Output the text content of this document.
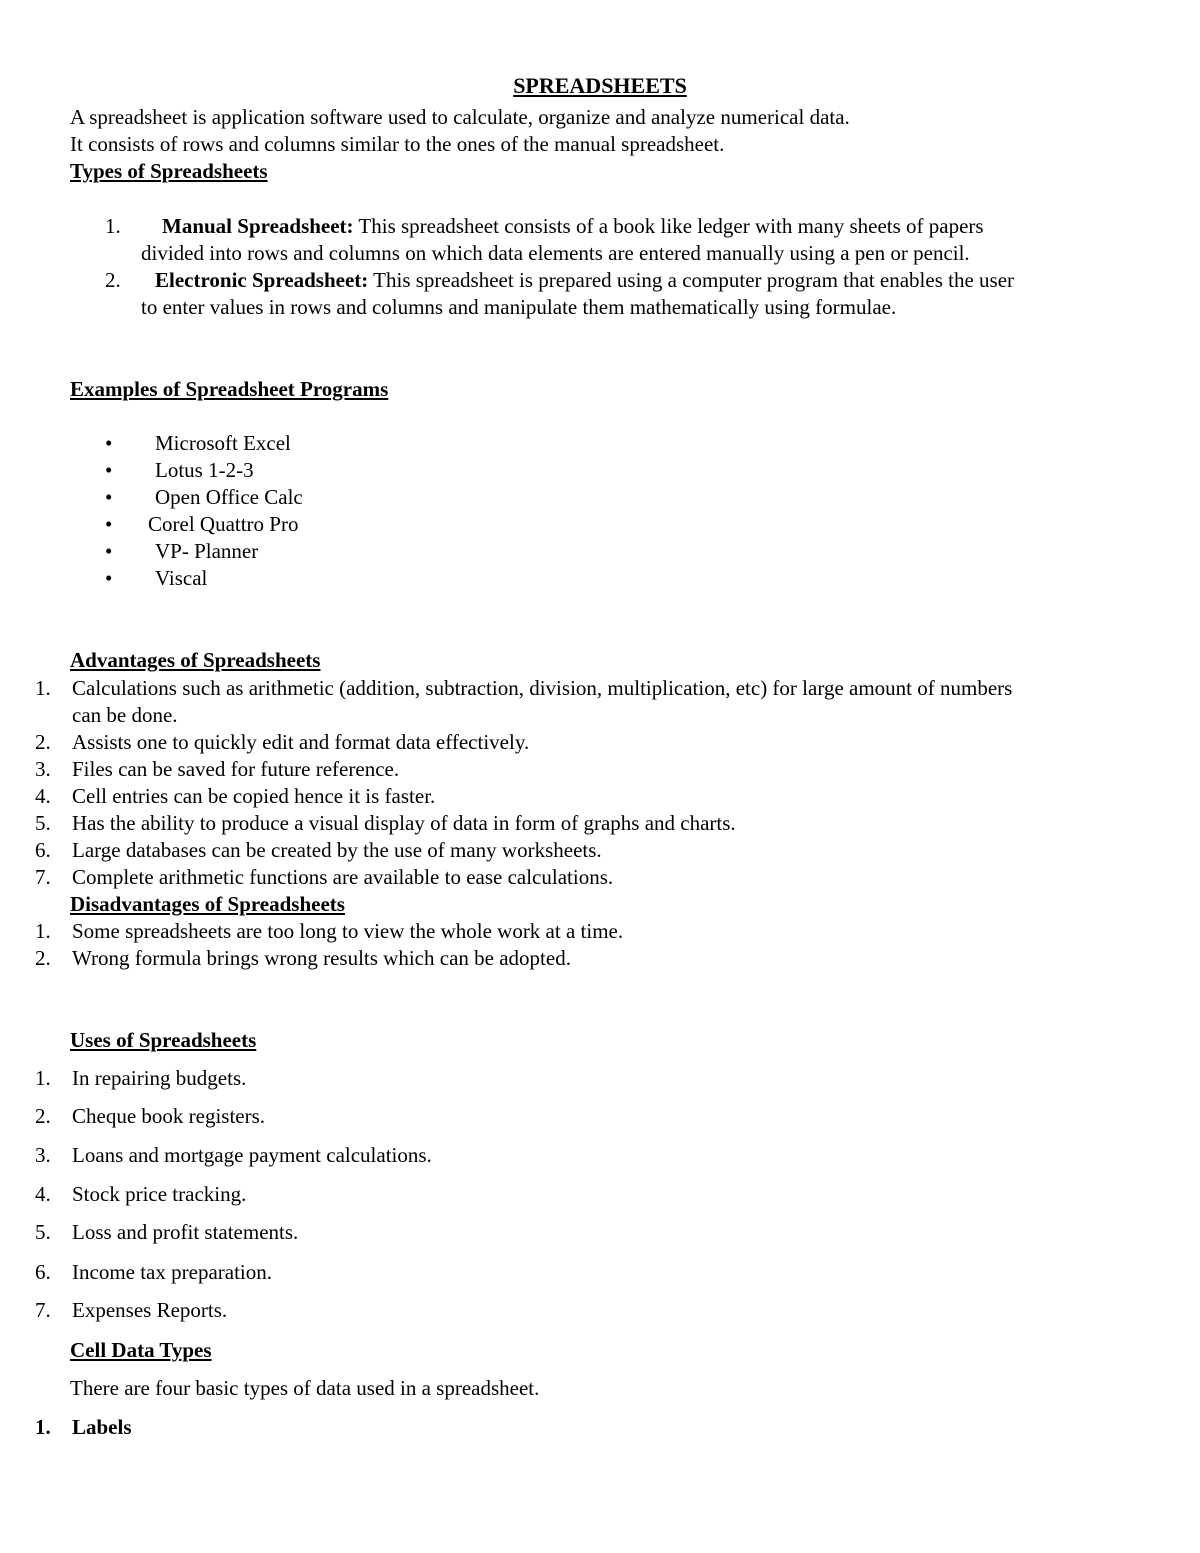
SPREADSHEETS
A spreadsheet is application software used to calculate, organize and analyze numerical data.
It consists of rows and columns similar to the ones of the manual spreadsheet.
Types of Spreadsheets
1. Manual Spreadsheet: This spreadsheet consists of a book like ledger with many sheets of papers
divided into rows and columns on which data elements are entered manually using a pen or pencil.
2. Electronic Spreadsheet: This spreadsheet is prepared using a computer program that enables the user
to enter values in rows and columns and manipulate them mathematically using formulae.
Examples of Spreadsheet Programs
• Microsoft Excel
• Lotus 1-2-3
• Open Office Calc
• Corel Quattro Pro
• VP- Planner
• Viscal
Advantages of Spreadsheets
1. Calculations such as arithmetic (addition, subtraction, division, multiplication, etc) for large amount of numbers
can be done.
2. Assists one to quickly edit and format data effectively.
3. Files can be saved for future reference.
4. Cell entries can be copied hence it is faster.
5. Has the ability to produce a visual display of data in form of graphs and charts.
6. Large databases can be created by the use of many worksheets.
7. Complete arithmetic functions are available to ease calculations.
Disadvantages of Spreadsheets
1. Some spreadsheets are too long to view the whole work at a time.
2. Wrong formula brings wrong results which can be adopted.
Uses of Spreadsheets
1. In repairing budgets.
2. Cheque book registers.
3. Loans and mortgage payment calculations.
4. Stock price tracking.
5. Loss and profit statements.
6. Income tax preparation.
7. Expenses Reports.
Cell Data Types
There are four basic types of data used in a spreadsheet.
1. Labels
